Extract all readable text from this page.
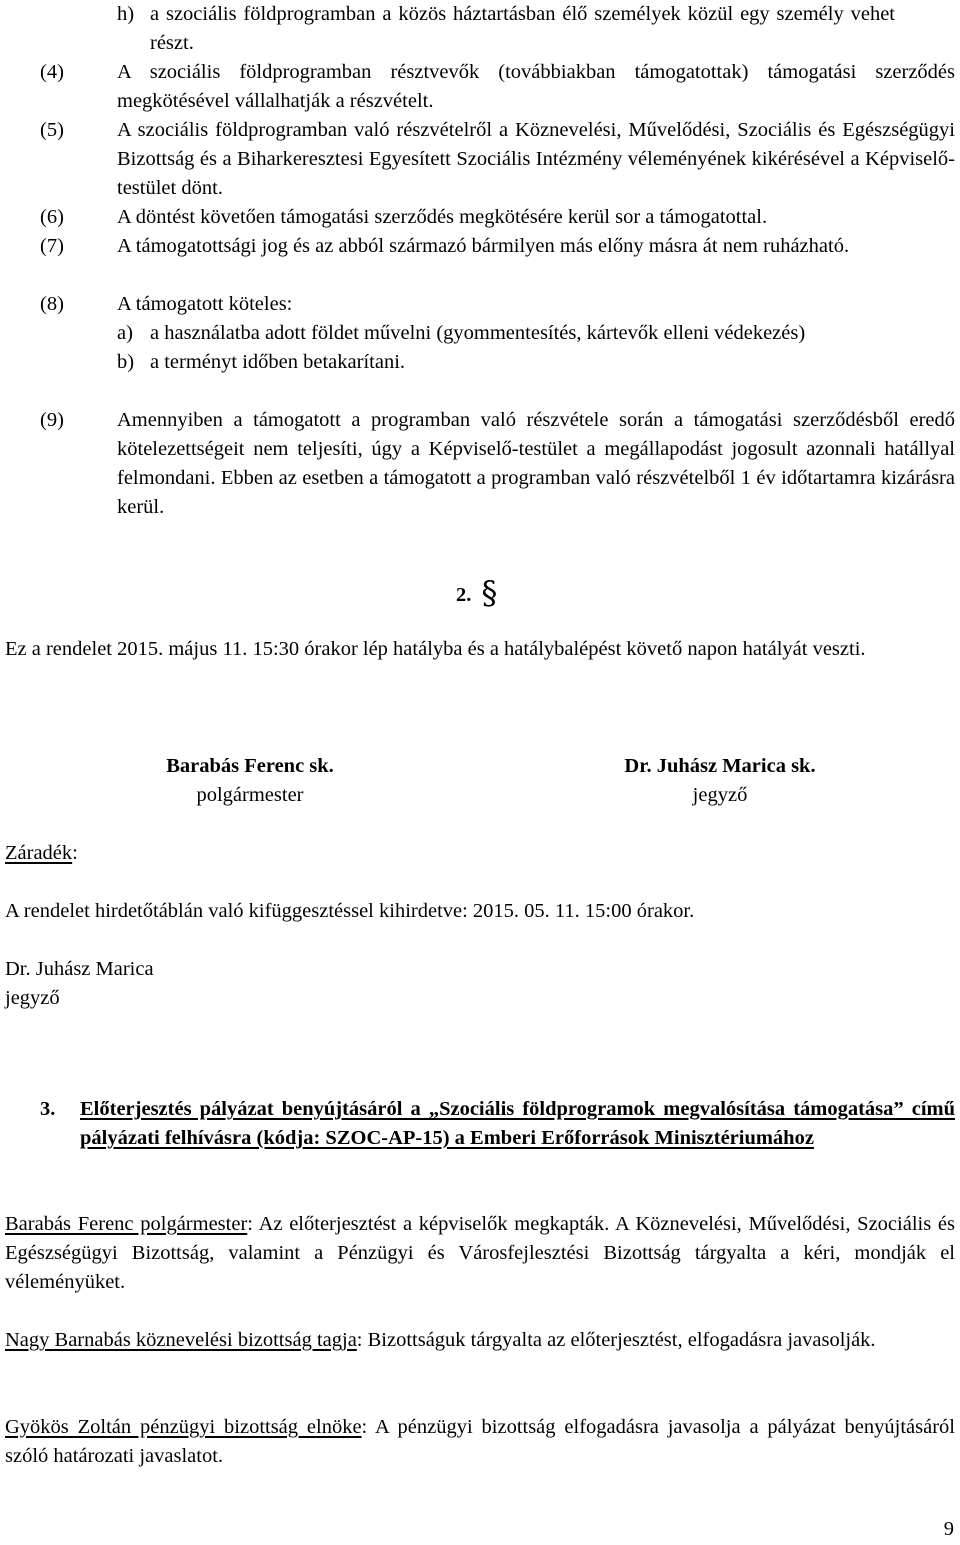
h) a szociális földprogramban a közös háztartásban élő személyek közül egy személy vehet részt.
(4)	A szociális földprogramban résztvevők (továbbiakban támogatottak) támogatási szerződés megkötésével vállalhatják a részvételt.
(5)	A szociális földprogramban való részvételről a Köznevelési, Művelődési, Szociális és Egészségügyi Bizottság és a Biharkeresztesi Egyesített Szociális Intézmény véleményének kikérésével a Képviselő-testület dönt.
(6)	A döntést követően támogatási szerződés megkötésére kerül sor a támogatottal.
(7)	A támogatottsági jog és az abból származó bármilyen más előny másra át nem ruházható.
(8)	A támogatott köteles:
a) a használatba adott földet művelni (gyommentesítés, kártevők elleni védekezés)
b) a terményt időben betakarítani.
(9)	Amennyiben a támogatott a programban való részvétele során a támogatási szerződésből eredő kötelezettségeit nem teljesíti, úgy a Képviselő-testület a megállapodást jogosult azonnali hatállyal felmondani. Ebben az esetben a támogatott a programban való részvételből 1 év időtartamra kizárásra kerül.
2. §
Ez a rendelet 2015. május 11. 15:30 órakor lép hatályba és a hatálybalépést követő napon hatályát veszti.
Barabás Ferenc sk.
polgármester
Dr. Juhász Marica sk.
jegyző
Záradék:
A rendelet hirdetőtáblán való kifüggesztéssel kihirdetve: 2015. 05. 11. 15:00 órakor.
Dr. Juhász Marica
jegyző
3.	Előterjesztés pályázat benyújtásáról a „Szociális földprogramok megvalósítása támogatása” című pályázati felhívásra (kódja: SZOC-AP-15) a Emberi Erőforrások Minisztériumához
Barabás Ferenc polgármester: Az előterjesztést a képviselők megkapták. A Köznevelési, Művelődési, Szociális és Egészségügyi Bizottság, valamint a Pénzügyi és Városfejlesztési Bizottság tárgyalta a kéri, mondják el véleményüket.
Nagy Barnabás köznevelési bizottság tagja: Bizottságuk tárgyalta az előterjesztést, elfogadásra javasolják.
Gyökös Zoltán pénzügyi bizottság elnöke: A pénzügyi bizottság elfogadásra javasolja a pályázat benyújtásáról szóló határozati javaslatot.
9
